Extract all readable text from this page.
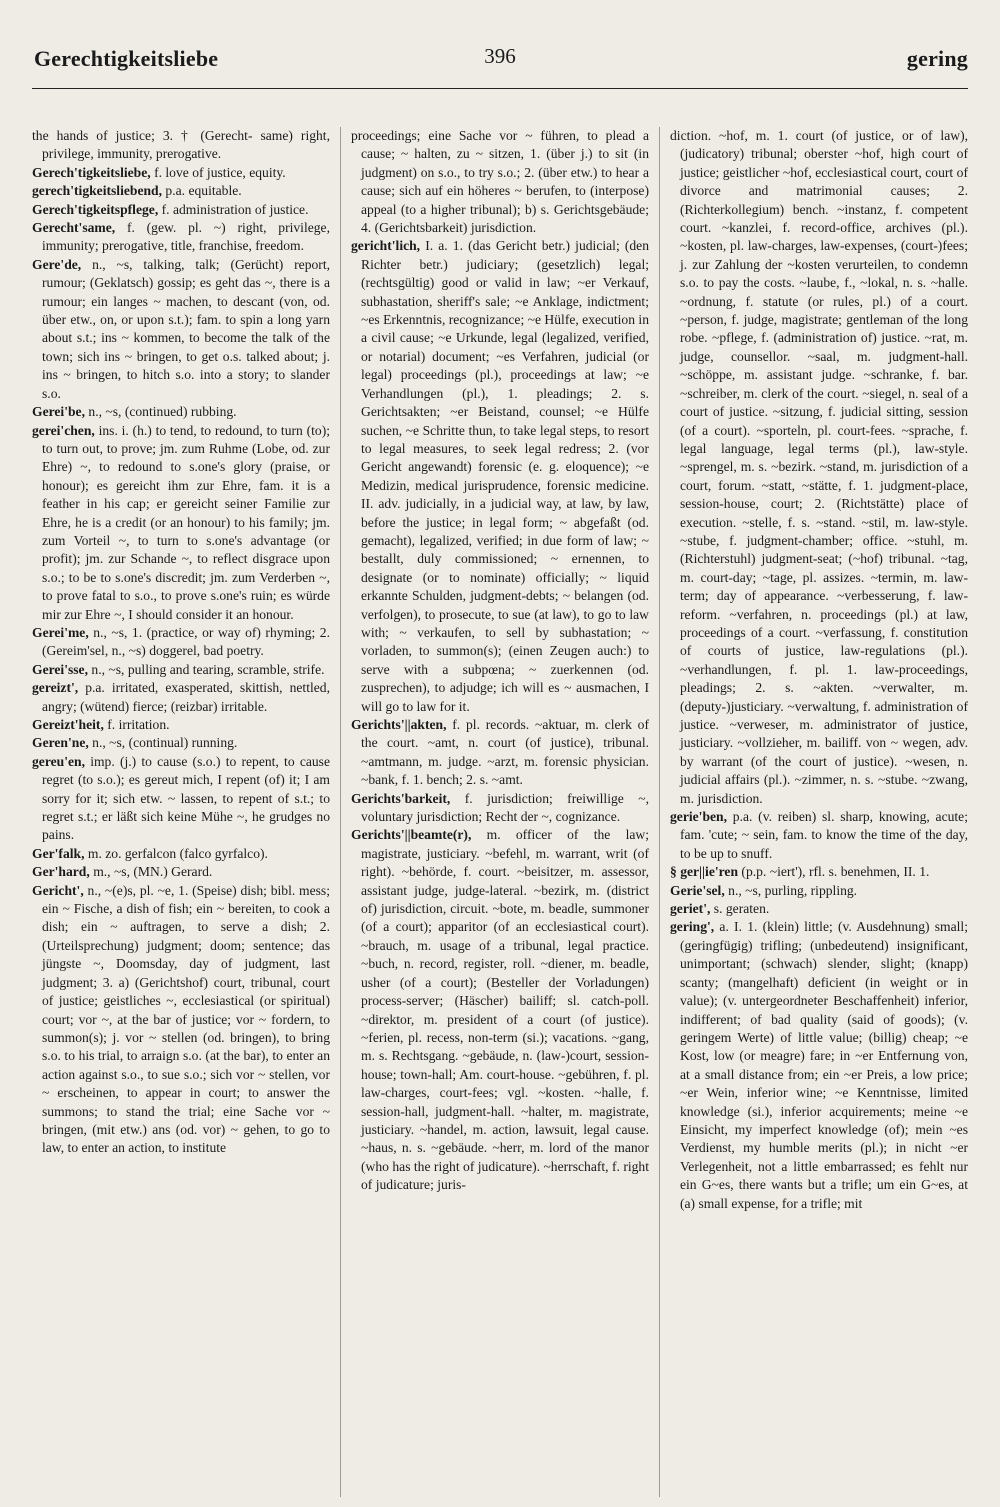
Gerechtigkeitsliebe	396	gering

the hands of justice; 3. † (Gerecht- same) right, privilege, immunity, prerogative.

Gerech'tigkeitsliebe, f. love of justice, equity.

gerech'tigkeitsliebend, p.a. equitable.

Gerech'tigkeitspflege, f. administration of justice.

Gerecht'same, f. (gew. pl. ~) right, privilege, immunity; prerogative, title, franchise, freedom.

Gere'de, n., ~s, talking, talk; (Gerücht) report, rumour; (Geklatsch) gossip; es geht das ~, there is a rumour; ein langes ~ machen, to descant (von, od. über etw., on, or upon s.t.); fam. to spin a long yarn about s.t.; ins ~ kommen, to become the talk of the town; sich ins ~ bringen, to get o.s. talked about; j. ins ~ bringen, to hitch s.o. into a story; to slander s.o.

Gerei'be, n., ~s, (continued) rubbing.

gerei'chen, ins. i. (h.) to tend, to redound, to turn (to); to turn out, to prove; jm. zum Ruhme (Lobe, od. zur Ehre) ~, to redound to s.one's glory (praise, or honour); es gereicht ihm zur Ehre, fam. it is a feather in his cap; er gereicht seiner Familie zur Ehre, he is a credit (or an honour) to his family; jm. zum Vorteil ~, to turn to s.one's advantage (or profit); jm. zur Schande ~, to reflect disgrace upon s.o.; to be to s.one's discredit; jm. zum Verderben ~, to prove fatal to s.o., to prove s.one's ruin; es würde mir zur Ehre ~, I should consider it an honour.

Gerei'me, n., ~s, 1. (practice, or way of) rhyming; 2. (Gereim'sel, n., ~s) doggerel, bad poetry.

Gerei'sse, n., ~s, pulling and tearing, scramble, strife.

gereizt', p.a. irritated, exasperated, skittish, nettled, angry; (wütend) fierce; (reizbar) irritable.

Gereizt'heit, f. irritation.

Geren'ne, n., ~s, (continual) running.

gereu'en, imp. (j.) to cause (s.o.) to repent, to cause regret (to s.o.); es gereut mich, I repent (of) it; I am sorry for it; sich etw. ~ lassen, to repent of s.t.; to regret s.t.; er läßt sich keine Mühe ~, he grudges no pains.

Ger'falk, m. zo. gerfalcon (falco gyrfalco).

Ger'hard, m., ~s, (MN.) Gerard.

Gericht', n., ~(e)s, pl. ~e, 1. (Speise) dish; bibl. mess; ein ~ Fische, a dish of fish; ein ~ bereiten, to cook a dish; ein ~ auftragen, to serve a dish; 2. (Urteilsprechung) judgment; doom; sentence; das jüngste ~, Doomsday, day of judgment, last judgment; 3. a) (Gerichtshof) court, tribunal, court of justice; geistliches ~, ecclesiastical (or spiritual) court; vor ~, at the bar of justice; vor ~ fordern, to summon(s); j. vor ~ stellen (od. bringen), to bring s.o. to his trial, to arraign s.o. (at the bar), to enter an action against s.o., to sue s.o.; sich vor ~ stellen, vor ~ erscheinen, to appear in court; to answer the summons; to stand the trial; eine Sache vor ~ bringen, (mit etw.) ans (od. vor) ~ gehen, to go to law, to enter an action, to institute

proceedings; eine Sache vor ~ führen, to plead a cause; ~ halten, zu ~ sitzen, 1. (über j.) to sit (in judgment) on s.o., to try s.o.; 2. (über etw.) to hear a cause; sich auf ein höheres ~ berufen, to (interpose) appeal (to a higher tribunal); b) s. Gerichtsgebäude; 4. (Gerichtsbarkeit) jurisdiction.

gericht'lich, I. a. 1. (das Gericht betr.) judicial; (den Richter betr.) judiciary; (gesetzlich) legal; (rechtsgültig) good or valid in law; ~er Verkauf, subhastation, sheriff's sale; ~e Anklage, indictment; ~es Erkenntnis, recognizance; ~e Hülfe, execution in a civil cause; ~e Urkunde, legal (legalized, verified, or notarial) document; ~es Verfahren, judicial (or legal) proceedings (pl.), proceedings at law; ~e Verhandlungen (pl.), 1. pleadings; 2. s. Gerichtsakten; ~er Beistand, counsel; ~e Hülfe suchen, ~e Schritte thun, to take legal steps, to resort to legal measures, to seek legal redress; 2. (vor Gericht angewandt) forensic (e. g. eloquence); ~e Medizin, medical jurisprudence, forensic medicine. II. adv. judicially, in a judicial way, at law, by law, before the justice; in legal form; ~ abgefaßt (od. gemacht), legalized, verified; in due form of law; ~ bestallt, duly commissioned; ~ ernennen, to designate (or to nominate) officially; ~ liquid erkannte Schulden, judgment-debts; ~ belangen (od. verfolgen), to prosecute, to sue (at law), to go to law with; ~ verkaufen, to sell by subhastation; ~ vorladen, to summon(s); (einen Zeugen auch:) to serve with a subpœna; ~ zuerkennen (od. zusprechen), to adjudge; ich will es ~ ausmachen, I will go to law for it.

Gerichts'||akten, f. pl. records. ~aktuar, m. clerk of the court. ~amt, n. court (of justice), tribunal. ~amtmann, m. judge. ~arzt, m. forensic physician. ~bank, f. 1. bench; 2. s. ~amt.

Gerichts'barkeit, f. jurisdiction; freiwillige ~, voluntary jurisdiction; Recht der ~, cognizance.

Gerichts'||beamte(r), m. officer of the law; magistrate, justiciary. ~befehl, m. warrant, writ (of right). ~behörde, f. court. ~beisitzer, m. assessor, assistant judge, judge-lateral. ~bezirk, m. (district of) jurisdiction, circuit. ~bote, m. beadle, summoner (of a court); apparitor (of an ecclesiastical court). ~brauch, m. usage of a tribunal, legal practice. ~buch, n. record, register, roll. ~diener, m. beadle, usher (of a court); (Besteller der Vorladungen) process-server; (Häscher) bailiff; sl. catch-poll. ~direktor, m. president of a court (of justice). ~ferien, pl. recess, non-term (si.); vacations. ~gang, m. s. Rechtsgang. ~gebäude, n. (law-)court, session-house; town-hall; Am. court-house. ~gebühren, f. pl. law-charges, court-fees; vgl. ~kosten. ~halle, f. session-hall, judgment-hall. ~halter, m. magistrate, justiciary. ~handel, m. action, lawsuit, legal cause. ~haus, n. s. ~gebäude. ~herr, m. lord of the manor (who has the right of judicature). ~herrschaft, f. right of judicature; juris-

diction. ~hof, m. 1. court (of justice, or of law), (judicatory) tribunal; oberster ~hof, high court of justice; geistlicher ~hof, ecclesiastical court, court of divorce and matrimonial causes; 2. (Richterkollegium) bench. ~instanz, f. competent court. ~kanzlei, f. record-office, archives (pl.). ~kosten, pl. law-charges, law-expenses, (court-)fees; j. zur Zahlung der ~kosten verurteilen, to condemn s.o. to pay the costs. ~laube, f., ~lokal, n. s. ~halle. ~ordnung, f. statute (or rules, pl.) of a court. ~person, f. judge, magistrate; gentleman of the long robe. ~pflege, f. (administration of) justice. ~rat, m. judge, counsellor. ~saal, m. judgment-hall. ~schöppe, m. assistant judge. ~schranke, f. bar. ~schreiber, m. clerk of the court. ~siegel, n. seal of a court of justice. ~sitzung, f. judicial sitting, session (of a court). ~sporteln, pl. court-fees. ~sprache, f. legal language, legal terms (pl.), law-style. ~sprengel, m. s. ~bezirk. ~stand, m. jurisdiction of a court, forum. ~statt, ~stätte, f. 1. judgment-place, session-house, court; 2. (Richtstätte) place of execution. ~stelle, f. s. ~stand. ~stil, m. law-style. ~stube, f. judgment-chamber; office. ~stuhl, m. (Richterstuhl) judgment-seat; (~hof) tribunal. ~tag, m. court-day; ~tage, pl. assizes. ~termin, m. law-term; day of appearance. ~verbesserung, f. law-reform. ~verfahren, n. proceedings (pl.) at law, proceedings of a court. ~verfassung, f. constitution of courts of justice, law-regulations (pl.). ~verhandlungen, f. pl. 1. law-proceedings, pleadings; 2. s. ~akten. ~verwalter, m. (deputy-)justiciary. ~verwaltung, f. administration of justice. ~verweser, m. administrator of justice, justiciary. ~vollzieher, m. bailiff. von ~ wegen, adv. by warrant (of the court of justice). ~wesen, n. judicial affairs (pl.). ~zimmer, n. s. ~stube. ~zwang, m. jurisdiction.

gerie'ben, p.a. (v. reiben) sl. sharp, knowing, acute; fam. 'cute; ~ sein, fam. to know the time of the day, to be up to snuff.

§ ger||ie'ren (p.p. ~iert'), rfl. s. benehmen, II. 1.

Gerie'sel, n., ~s, purling, rippling.

geriet', s. geraten.

gering', a. I. 1. (klein) little; (v. Ausdehnung) small; (geringfügig) trifling; (unbedeutend) insignificant, unimportant; (schwach) slender, slight; (knapp) scanty; (mangelhaft) deficient (in weight or in value); (v. untergeordneter Beschaffenheit) inferior, indifferent; of bad quality (said of goods); (v. geringem Werte) of little value; (billig) cheap; ~e Kost, low (or meagre) fare; in ~er Entfernung von, at a small distance from; ein ~er Preis, a low price; ~er Wein, inferior wine; ~e Kenntnisse, limited knowledge (si.), inferior acquirements; meine ~e Einsicht, my imperfect knowledge (of); mein ~es Verdienst, my humble merits (pl.); in nicht ~er Verlegenheit, not a little embarrassed; es fehlt nur ein G~es, there wants but a trifle; um ein G~es, at (a) small expense, for a trifle; mit
